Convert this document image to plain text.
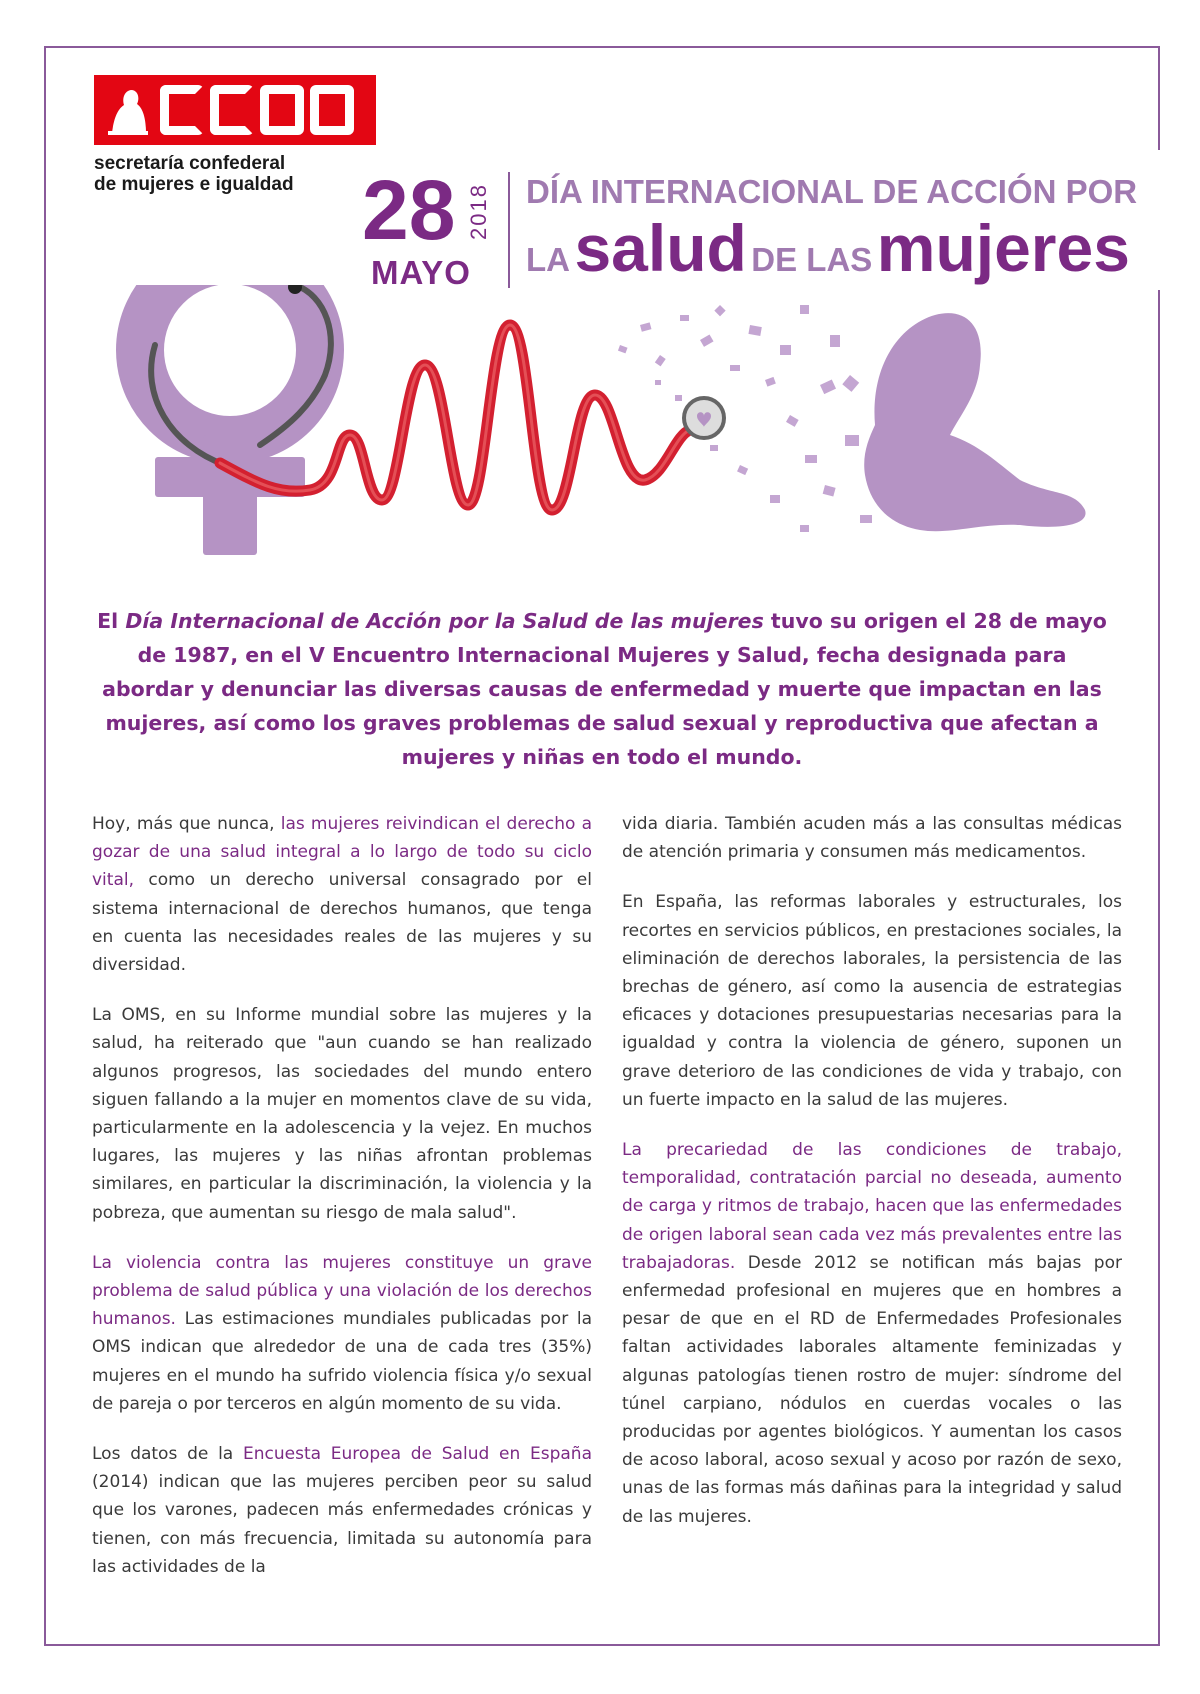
secretaría confederal
de mujeres e igualdad 28
MAYO
2018 DÍA INTERNACIONAL DE ACCIÓN POR
LA salud DE LAS mujeres
El Día Internacional de Acción por la Salud de las mujeres tuvo su origen el 28 de mayo de 1987, en el V Encuentro Internacional Mujeres y Salud, fecha designada para abordar y denunciar las diversas causas de enfermedad y muerte que impactan en las mujeres, así como los graves problemas de salud sexual y reproductiva que afectan a mujeres y niñas en todo el mundo.

Hoy, más que nunca, las mujeres reivindican el derecho a gozar de una salud integral a lo largo de todo su ciclo vital, como un derecho universal consagrado por el sistema internacional de derechos humanos, que tenga en cuenta las necesidades reales de las mujeres y su diversidad.

La OMS, en su Informe mundial sobre las mujeres y la salud, ha reiterado que "aun cuando se han realizado algunos progresos, las sociedades del mundo entero siguen fallando a la mujer en momentos clave de su vida, particularmente en la adolescencia y la vejez. En muchos lugares, las mujeres y las niñas afrontan problemas similares, en particular la discriminación, la violencia y la pobreza, que aumentan su riesgo de mala salud".

La violencia contra las mujeres constituye un grave problema de salud pública y una violación de los derechos humanos. Las estimaciones mundiales publicadas por la OMS indican que alrededor de una de cada tres (35%) mujeres en el mundo ha sufrido violencia física y/o sexual de pareja o por terceros en algún momento de su vida.

Los datos de la Encuesta Europea de Salud en España (2014) indican que las mujeres perciben peor su salud que los varones, padecen más enfermedades crónicas y tienen, con más frecuencia, limitada su autonomía para las actividades de la

vida diaria. También acuden más a las consultas médicas de atención primaria y consumen más medicamentos.

En España, las reformas laborales y estructurales, los recortes en servicios públicos, en prestaciones sociales, la eliminación de derechos laborales, la persistencia de las brechas de género, así como la ausencia de estrategias eficaces y dotaciones presupuestarias necesarias para la igualdad y contra la violencia de género, suponen un grave deterioro de las condiciones de vida y trabajo, con un fuerte impacto en la salud de las mujeres.

La precariedad de las condiciones de trabajo, temporalidad, contratación parcial no deseada, aumento de carga y ritmos de trabajo, hacen que las enfermedades de origen laboral sean cada vez más prevalentes entre las trabajadoras. Desde 2012 se notifican más bajas por enfermedad profesional en mujeres que en hombres a pesar de que en el RD de Enfermedades Profesionales faltan actividades laborales altamente feminizadas y algunas patologías tienen rostro de mujer: síndrome del túnel carpiano, nódulos en cuerdas vocales o las producidas por agentes biológicos. Y aumentan los casos de acoso laboral, acoso sexual y acoso por razón de sexo, unas de las formas más dañinas para la integridad y salud de las mujeres.
